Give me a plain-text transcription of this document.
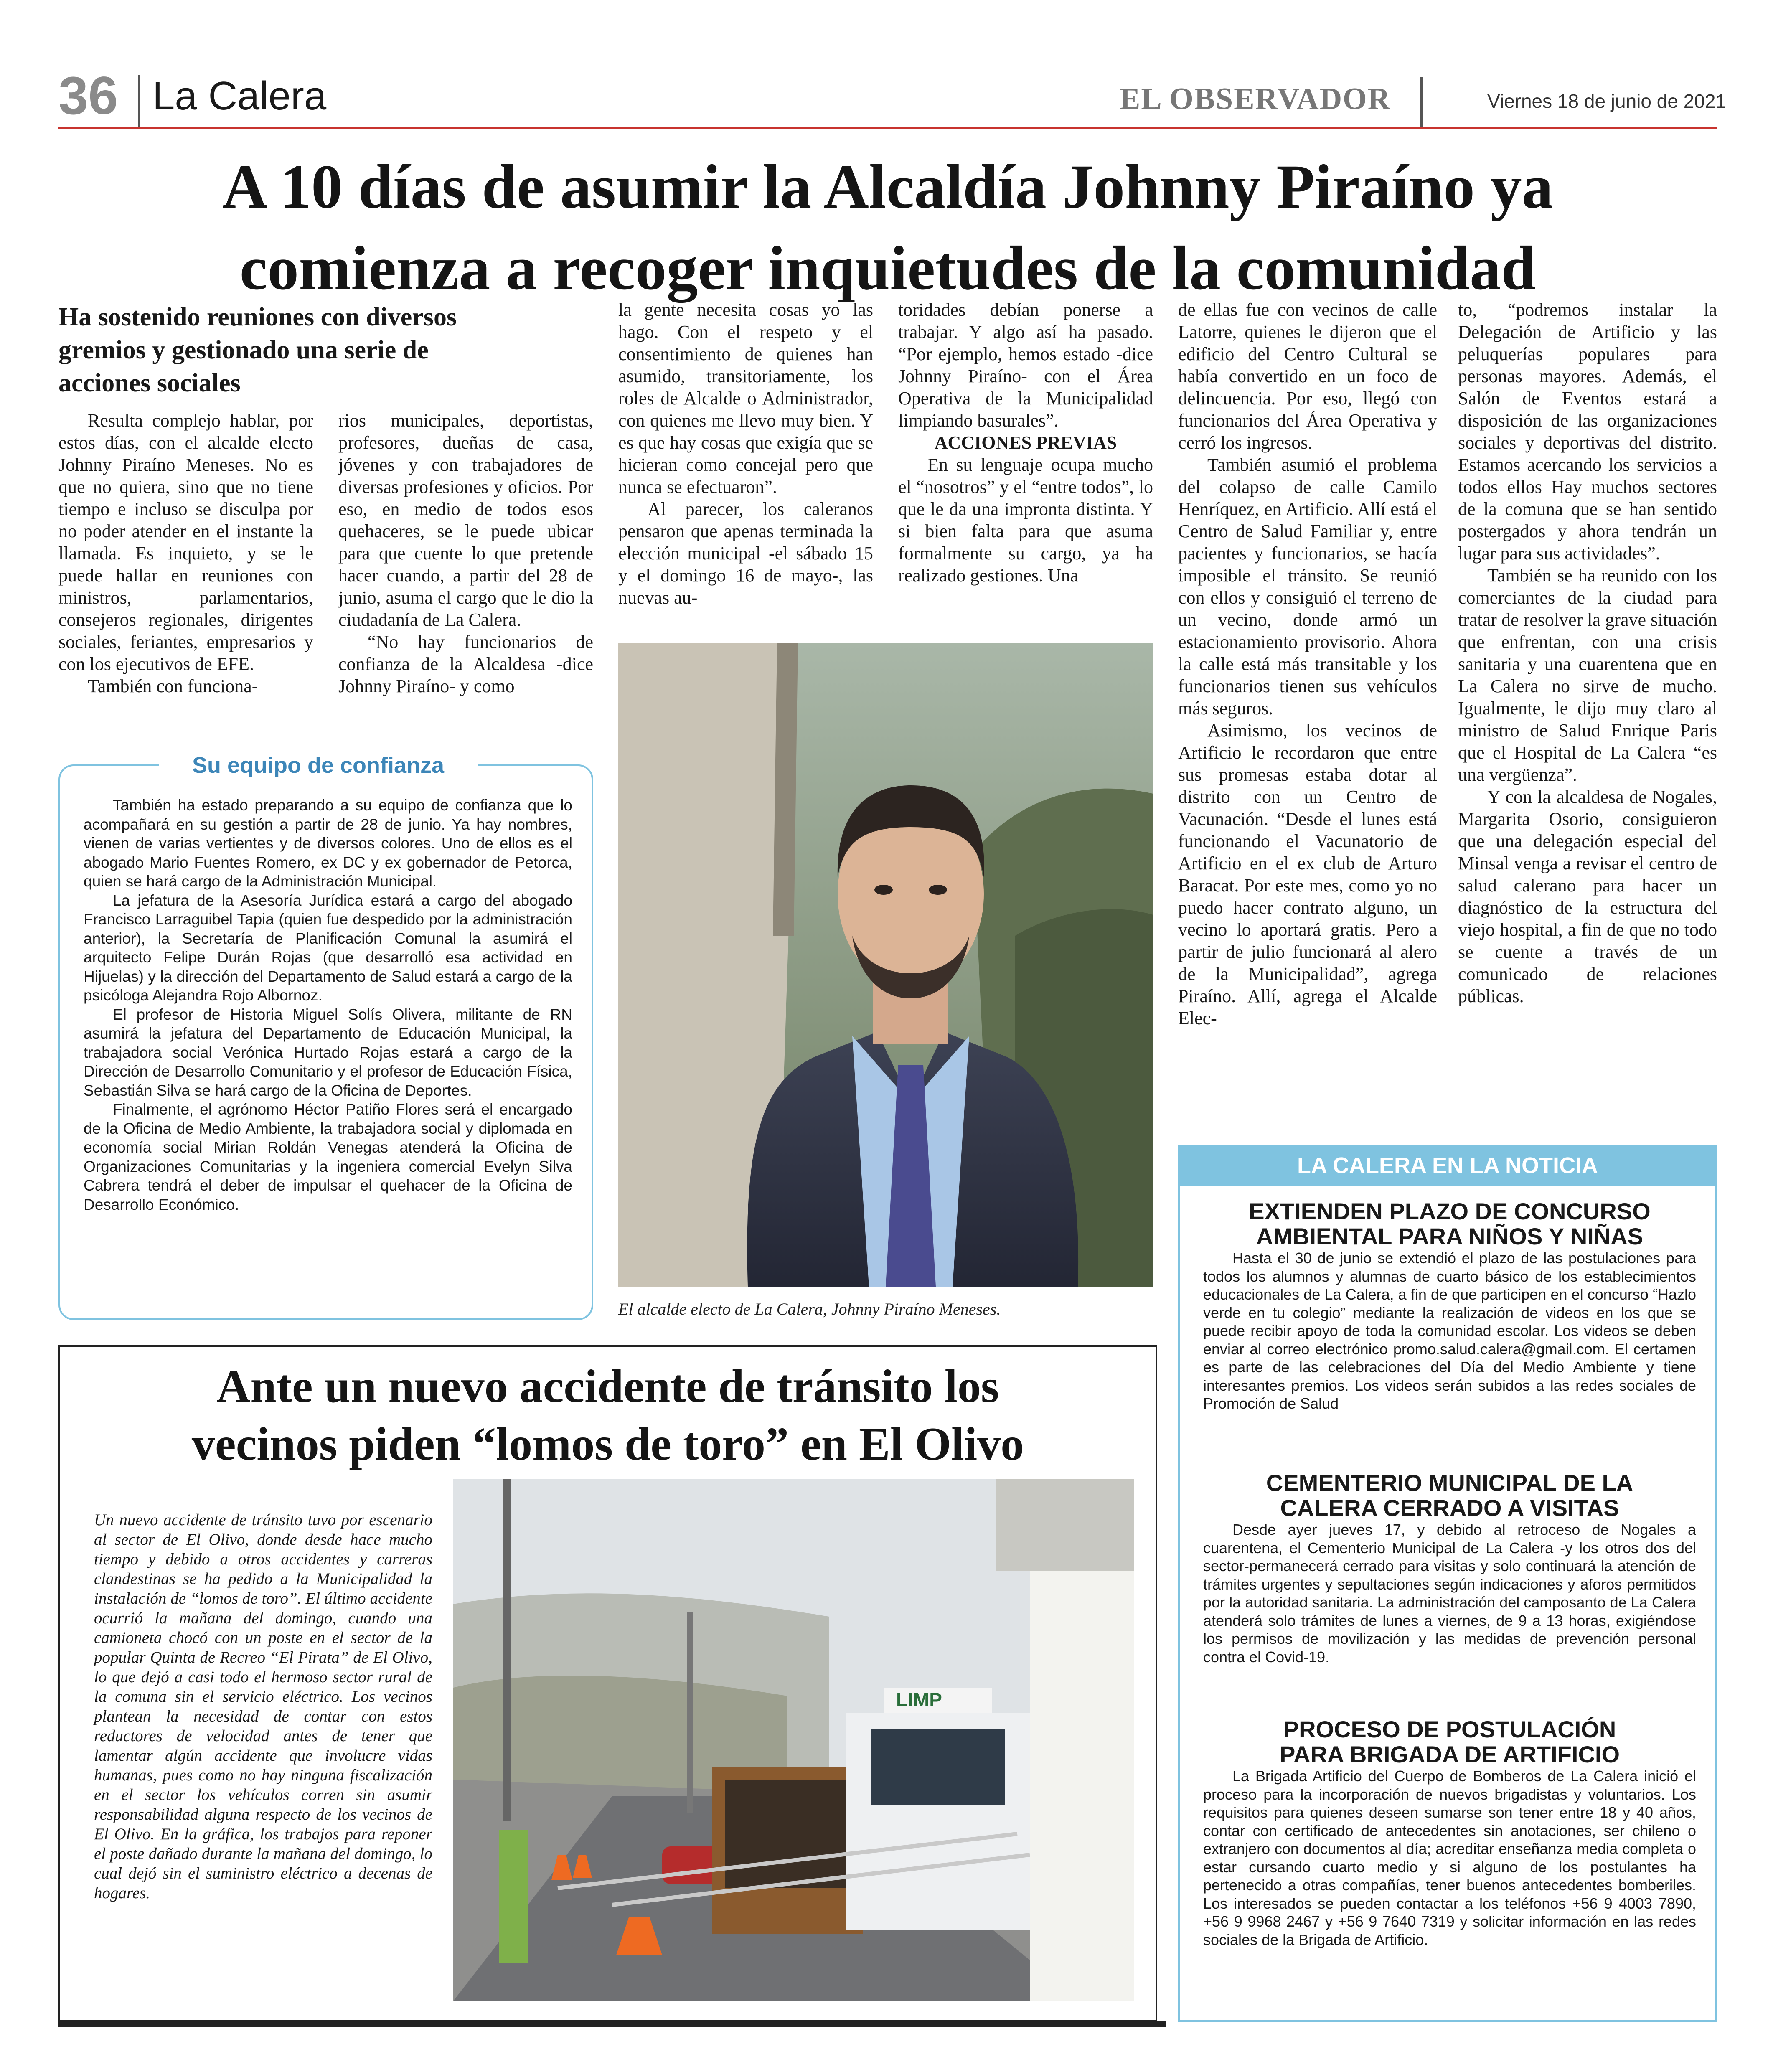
36 La Calera	EL OBSERVADOR	Viernes 18 de junio de 2021
A 10 días de asumir la Alcaldía Johnny Piraíno ya
comienza a recoger inquietudes de la comunidad
Ha sostenido reuniones con diversos gremios y gestionado una serie de acciones sociales

Resulta complejo hablar, por estos días, con el alcalde electo Johnny Piraíno Meneses. No es que no quiera, sino que no tiene tiempo e incluso se disculpa por no poder atender en el instante la llamada. Es inquieto, y se le puede hallar en reuniones con ministros, parlamentarios, consejeros regionales, dirigentes sociales, feriantes, empresarios y con los ejecutivos de EFE.

También con funciona-

rios municipales, deportistas, profesores, dueñas de casa, jóvenes y con trabajadores de diversas profesiones y oficios. Por eso, en medio de todos esos quehaceres, se le puede ubicar para que cuente lo que pretende hacer cuando, a partir del 28 de junio, asuma el cargo que le dio la ciudadanía de La Calera.

“No hay funcionarios de confianza de la Alcaldesa -dice Johnny Piraíno- y como

la gente necesita cosas yo las hago. Con el respeto y el consentimiento de quienes han asumido, transitoriamente, los roles de Alcalde o Administrador, con quienes me llevo muy bien. Y es que hay cosas que exigía que se hicieran como concejal pero que nunca se efectuaron”.

Al parecer, los caleranos pensaron que apenas terminada la elección municipal -el sábado 15 y el domingo 16 de mayo-, las nuevas au-

toridades debían ponerse a trabajar. Y algo así ha pasado. “Por ejemplo, hemos estado -dice Johnny Piraíno- con el Área Operativa de la Municipalidad limpiando basurales”.

ACCIONES PREVIAS

En su lenguaje ocupa mucho el “nosotros” y el “entre todos”, lo que le da una impronta distinta. Y si bien falta para que asuma formalmente su cargo, ya ha realizado gestiones. Una

de ellas fue con vecinos de calle Latorre, quienes le dijeron que el edificio del Centro Cultural se había convertido en un foco de delincuencia. Por eso, llegó con funcionarios del Área Operativa y cerró los ingresos.

También asumió el problema del colapso de calle Camilo Henríquez, en Artificio. Allí está el Centro de Salud Familiar y, entre pacientes y funcionarios, se hacía imposible el tránsito. Se reunió con ellos y consiguió el terreno de un vecino, donde armó un estacionamiento provisorio. Ahora la calle está más transitable y los funcionarios tienen sus vehículos más seguros.

Asimismo, los vecinos de Artificio le recordaron que entre sus promesas estaba dotar al distrito con un Centro de Vacunación. “Desde el lunes está funcionando el Vacunatorio de Artificio en el ex club de Arturo Baracat. Por este mes, como yo no puedo hacer contrato alguno, un vecino lo aportará gratis. Pero a partir de julio funcionará al alero de la Municipalidad”, agrega Piraíno. Allí, agrega el Alcalde Elec-

to, “podremos instalar la Delegación de Artificio y las peluquerías populares para personas mayores. Además, el Salón de Eventos estará a disposición de las organizaciones sociales y deportivas del distrito. Estamos acercando los servicios a todos ellos Hay muchos sectores de la comuna que se han sentido postergados y ahora tendrán un lugar para sus actividades”.

También se ha reunido con los comerciantes de la ciudad para tratar de resolver la grave situación que enfrentan, con una crisis sanitaria y una cuarentena que en La Calera no sirve de mucho. Igualmente, le dijo muy claro al ministro de Salud Enrique Paris que el Hospital de La Calera “es una vergüenza”.

Y con la alcaldesa de Nogales, Margarita Osorio, consiguieron que una delegación especial del Minsal venga a revisar el centro de salud calerano para hacer un diagnóstico de la estructura del viejo hospital, a fin de que no todo se cuente a través de un comunicado de relaciones públicas.

El alcalde electo de La Calera, Johnny Piraíno Meneses.
Su equipo de confianza

También ha estado preparando a su equipo de confianza que lo acompañará en su gestión a partir de 28 de junio. Ya hay nombres, vienen de varias vertientes y de diversos colores. Uno de ellos es el abogado Mario Fuentes Romero, ex DC y ex gobernador de Petorca, quien se hará cargo de la Administración Municipal.

La jefatura de la Asesoría Jurídica estará a cargo del abogado Francisco Larraguibel Tapia (quien fue despedido por la administración anterior), la Secretaría de Planificación Comunal la asumirá el arquitecto Felipe Durán Rojas (que desarrolló esa actividad en Hijuelas) y la dirección del Departamento de Salud estará a cargo de la psicóloga Alejandra Rojo Albornoz.

El profesor de Historia Miguel Solís Olivera, militante de RN asumirá la jefatura del Departamento de Educación Municipal, la trabajadora social Verónica Hurtado Rojas estará a cargo de la Dirección de Desarrollo Comunitario y el profesor de Educación Física, Sebastián Silva se hará cargo de la Oficina de Deportes.

Finalmente, el agrónomo Héctor Patiño Flores será el encargado de la Oficina de Medio Ambiente, la trabajadora social y diplomada en economía social Mirian Roldán Venegas atenderá la Oficina de Organizaciones Comunitarias y la ingeniera comercial Evelyn Silva Cabrera tendrá el deber de impulsar el quehacer de la Oficina de Desarrollo Económico.

Ante un nuevo accidente de tránsito los
vecinos piden “lomos de toro” en El Olivo
Un nuevo accidente de tránsito tuvo por escenario al sector de El Olivo, donde desde hace mucho tiempo y debido a otros accidentes y carreras clandestinas se ha pedido a la Municipalidad la instalación de “lomos de toro”. El último accidente ocurrió la mañana del domingo, cuando una camioneta chocó con un poste en el sector de la popular Quinta de Recreo “El Pirata” de El Olivo, lo que dejó a casi todo el hermoso sector rural de la comuna sin el servicio eléctrico. Los vecinos plantean la necesidad de contar con estos reductores de velocidad antes de tener que lamentar algún accidente que involucre vidas humanas, pues como no hay ninguna fiscalización en el sector los vehículos corren sin asumir responsabilidad alguna respecto de los vecinos de El Olivo. En la gráfica, los trabajos para reponer el poste dañado durante la mañana del domingo, lo cual dejó sin el suministro eléctrico a decenas de hogares.
LIMP
LA CALERA EN LA NOTICIA
EXTIENDEN PLAZO DE CONCURSO
AMBIENTAL PARA NIÑOS Y NIÑAS

Hasta el 30 de junio se extendió el plazo de las postulaciones para todos los alumnos y alumnas de cuarto básico de los establecimientos educacionales de La Calera, a fin de que participen en el concurso “Hazlo verde en tu colegio” mediante la realización de videos en los que se puede recibir apoyo de toda la comunidad escolar. Los videos se deben enviar al correo electrónico promo.salud.calera@gmail.com. El certamen es parte de las celebraciones del Día del Medio Ambiente y tiene interesantes premios. Los videos serán subidos a las redes sociales de Promoción de Salud

CEMENTERIO MUNICIPAL DE LA
CALERA CERRADO A VISITAS

Desde ayer jueves 17, y debido al retroceso de Nogales a cuarentena, el Cementerio Municipal de La Calera -y los otros dos del sector-permanecerá cerrado para visitas y solo continuará la atención de trámites urgentes y sepultaciones según indicaciones y aforos permitidos por la autoridad sanitaria. La administración del camposanto de La Calera atenderá solo trámites de lunes a viernes, de 9 a 13 horas, exigiéndose los permisos de movilización y las medidas de prevención personal contra el Covid-19.

PROCESO DE POSTULACIÓN
PARA BRIGADA DE ARTIFICIO

La Brigada Artificio del Cuerpo de Bomberos de La Calera inició el proceso para la incorporación de nuevos brigadistas y voluntarios. Los requisitos para quienes deseen sumarse son tener entre 18 y 40 años, contar con certificado de antecedentes sin anotaciones, ser chileno o extranjero con documentos al día; acreditar enseñanza media completa o estar cursando cuarto medio y si alguno de los postulantes ha pertenecido a otras compañías, tener buenos antecedentes bomberiles. Los interesados se pueden contactar a los teléfonos +56 9 4003 7890, +56 9 9968 2467 y +56 9 7640 7319 y solicitar información en las redes sociales de la Brigada de Artificio.
